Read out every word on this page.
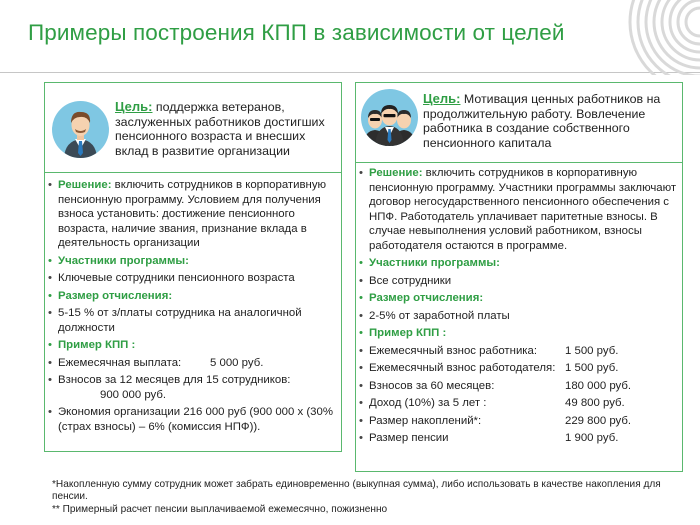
Примеры построения КПП в зависимости от целей
Цель: поддержка ветеранов, заслуженных работников достигших пенсионного возраста и внесших вклад в развитие организации
• Решение: включить сотрудников в корпоративную пенсионную программу. Условием для получения взноса установить: достижение пенсионного возраста, наличие звания, признание вклада в деятельность организации
• Участники программы:
• Ключевые сотрудники пенсионного возраста
• Размер отчисления:
• 5-15 % от з/платы сотрудника на аналогичной должности
• Пример КПП :
• Ежемесячная выплата:	5 000 руб.
• Взносов за 12 месяцев для 15 сотрудников:
900 000 руб.
• Экономия организации 216 000 руб (900 000 х (30% (страх взносы) – 6% (комиссия НПФ)).
Цель: Мотивация ценных работников на продолжительную работу. Вовлечение работника в создание собственного пенсионного капитала
• Решение: включить сотрудников в корпоративную пенсионную программу. Участники программы заключают договор негосударственного пенсионного обеспечения с НПФ. Работодатель уплачивает паритетные взносы. В случае невыполнения условий работником, взносы работодателя остаются в программе.
• Участники программы:
• Все сотрудники
• Размер отчисления:
• 2-5% от заработной платы
• Пример КПП :
• Ежемесячный взнос работника:	1 500 руб.
• Ежемесячный взнос работодателя: 1 500 руб.
• Взносов за 60 месяцев:	180 000 руб.
• Доход (10%) за 5 лет :	49 800 руб.
• Размер накоплений*:	229 800 руб.
• Размер пенсии	1 900 руб.
*Накопленную сумму сотрудник может забрать единовременно (выкупная сумма), либо использовать в качестве накопления для пенсии.
** Примерный расчет пенсии выплачиваемой ежемесячно, пожизненно
